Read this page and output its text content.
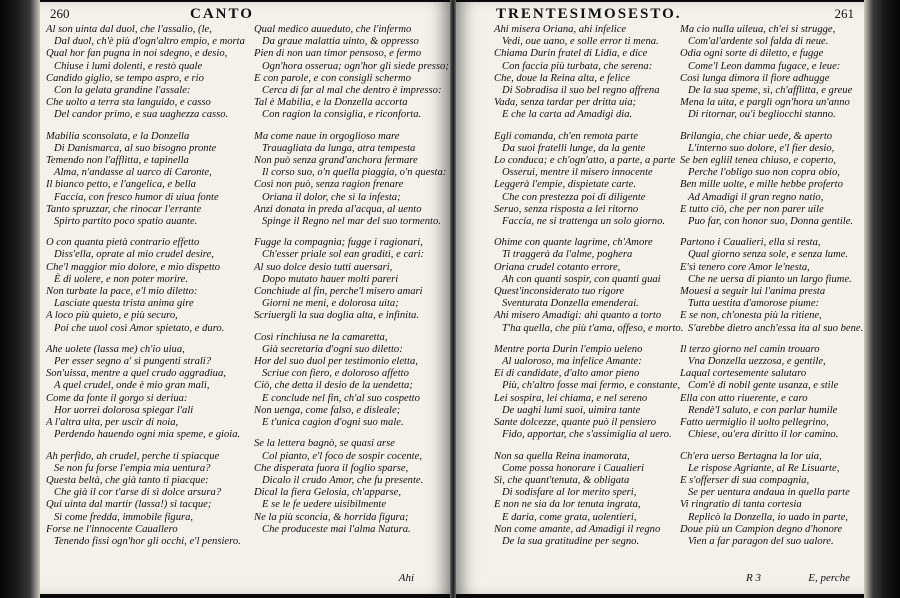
260	CANTO
Al son uinta dal duol, che l'assalio, (le,
Dal duol, ch'è più d'ogn'altro empio, e morta
Qual hor fan pugna in noi sdegno, e desio,
Chiuse i lumi dolenti, e restò quale
Candido giglio, se tempo aspro, e rio
Con la gelata grandine l'assale:
Che uolto a terra sta languido, e casso
Del candor primo, e sua uaghezza casso.
Mabilia sconsolata, e la Donzella
Di Danismarca, al suo bisogno pronte
Temendo non l'afflitta, e tapinella
Alma, n'andasse al uarco di Caronte,
Il bianco petto, e l'angelica, e bella
Faccia, con fresco humor di uiua fonte
Tanto spruzzar, che rinocar l'errante
Spirto partito poco spatio auante.
O con quanta pietà contrario effetto
Diss'ella, oprate al mio crudel desire,
Che'l maggior mio dolore, e mio dispetto
È di uolere, e non poter morire.
Non turbate la pace, e'l mio diletto:
Lasciate questa trista anima gire
A loco più quieto, e più securo,
Poi che uuol così Amor spietato, e duro.
Ahe uolete (lassa me) ch'io uiua,
Per esser segno a' sì pungenti strali?
Son'uissa, mentre a quel crudo aggradiua,
A quel crudel, onde è mio gran mali,
Come da fonte il gorgo si deriua:
Hor uorrei dolorosa spiegar l'ali
A l'altra uita, per uscir di noia,
Perdendo hauendo ogni mia speme, e gioia.
Ah perfido, ah crudel, perche ti spiacque
Se non fu forse l'empia mia uentura?
Questa beltà, che già tanto ti piacque:
Che già il cor t'arse di sì dolce arsura?
Qui uinta dal martir (lassa!) si tacque;
Sì come fredda, immobile figura,
Forse ne l'innocente Cauallero
Tenendo fissi ogn'hor gli occhi, e'l pensiero.
Qual medico auueduto, che l'infermo
Da graue malattia uinto, & oppresso
Pien di non uan timor pensoso, e fermo
Ogn'hora osserua; ogn'hor gli siede presso;
E con parole, e con consigli schermo
Cerca di far al mal che dentro è impresso:
Tal è Mabilia, e la Donzella accorta
Con ragion la consiglia, e riconforta.
Ma come naue in orgoglioso mare
Trauagliata da lunga, atra tempesta
Non può senza grand'anchora fermare
Il corso suo, o'n quella piaggia, o'n questa:
Così non può, senza ragion frenare
Oriana il dolor, che sì la infesta;
Anzi donata in preda al'acqua, al uento
Spinge il Regno nel mar del suo tormento.
Fugge la compagnia; fugge i ragionari,
Ch'esser priale sol ean graditi, e cari:
Al suo dolce desio tutti auersari,
Dopo mutato hauer molti pareri
Conchiude al fin, perche'l misero amari
Giorni ne meni, e dolorosa uita;
Scriuergli la sua doglia alta, e infinita.
Così rinchiusa ne la camaretta,
Già secretaria d'ogni suo diletto:
Hor del suo duol per testimonio eletta,
Scriue con fiero, e doloroso affetto
Ciò, che detta il desio de la uendetta;
E conclude nel fin, ch'al suo cospetto
Non uenga, come falso, e disleale;
E t'unica cagion d'ogni suo male.
Se la lettera bagnò, se quasi arse
Col pianto, e'l foco de sospir cocente,
Che disperata fuora il foglio sparse,
Dicalo il crudo Amor, che fu presente.
Dical la fiera Gelosia, ch'apparse,
E se le fe uedere uisibilmente
Ne la più sconcia, & horrida figura;
Che produceste mai l'alma Natura.
Ahi
TRENTESIMOSESTO.	261
Ahi misera Oriana, ahi infelice
Vedi, oue uano, e solle error ti mena.
Chiama Durin fratel di Lidia, e dice
Con faccia più turbata, che serena:
Che, doue la Reina alta, e felice
Di Sobradisa il suo bel regno affrena
Vada, senza tardar per dritta uia;
E che la carta ad Amadigi dia.
Egli comanda, ch'en remota parte
Da suoi fratelli lunge, da la gente
Lo conduca; e ch'ogn'atto, a parte, a parte
Osserui, mentre il misero innocente
Leggerà l'empie, dispietate carte.
Che con prestezza poi di diligente
Seruo, senza risposta a lei ritorno
Faccia, ne si trattenga un solo giorno.
Ohime con quante lagrime, ch'Amore
Ti traggerà da l'alme, poghera
Oriana crudel cotanto errore,
Ah con quanti sospir, con quanti guai
Quest'inconsiderato tuo rigore
Sventurata Donzella emenderai.
Ahi misero Amadigi: ahi quanto a torto
T'ha quella, che più t'ama, offeso, e morto.
Mentre porta Durin l'empio ueleno
Al ualoroso, ma infelice Amante:
Ei di candidate, d'alto amor pieno
Più, ch'altro fosse mai fermo, e constante,
Lei sospira, lei chiama, e nel sereno
De uaghi lumi suoi, uimira tante
Sante dolcezze, quante può il pensiero
Fido, apportar, che s'assimiglia al uero.
Non sa quella Reina inamorata,
Come possa honorare i Caualieri
Sì, che quant'tenuta, & obligata
Di sodisfare al lor merito speri,
E non ne sia da lor tenuta ingrata,
E daria, come grata, uolentieri,
Non come amante, ad Amadigi il regno
De la sua gratitudine per segno.
Ma cio nulla uileua, ch'ei si strugge,
Com'al'ardente sol falda di neue.
Odia ogni sorte di diletto, e fugge
Come'l Leon damma fugace, e leue:
Così lunga dimora il fiore adhugge
De la sua speme, sì, ch'afflitta, e greue
Mena la uita, e parglì ogn'hora un'anno
Di ritornar, ou'i begliocchi stanno.
Brilangia, che chiar uede, & aperto
L'interno suo dolore, e'l fier desio,
Se ben egliil tenea chiuso, e coperto,
Perche l'obligo suo non copra obio,
Ben mille uolte, e mille hebbe proferto
Ad Amadigi il gran regno natio,
E tutto ciò, che per non parer uile
Puo far, con honor suo, Donna gentile.
Partono i Caualieri, ella si resta,
Qual giorno senza sole, e senza lume.
E'sì tenero core Amor le'nesta,
Che ne uersa di pianto un largo fiume.
Mouesi a seguir lui l'anima presta
Tutta uestita d'amorose piume:
E se non, ch'onesta più la ritiene,
S'arebbe dietro anch'essa ita al suo bene.
Il terzo giorno nel camin trouaro
Vna Donzella uezzosa, e gentile,
Laqual cortesemente salutaro
Com'è di nobil gente usanza, e stile
Ella con atto riuerente, e caro
Rendè'l saluto, e con parlar humile
Fatto uermiglio il uolto pellegrino,
Chiese, ou'era diritto il lor camino.
Ch'era uerso Bertagna la lor uia,
Le rispose Agriante, al Re Lisuarte,
E s'offerser di sua compagnia,
Se per uentura andaua in quella parte
Vi ringratio di tanta cortesia
Replicò la Donzella, io uado in parte,
Doue più un Campion degno d'honore
Vien a far paragon del suo ualore.
R 3	E, perche
